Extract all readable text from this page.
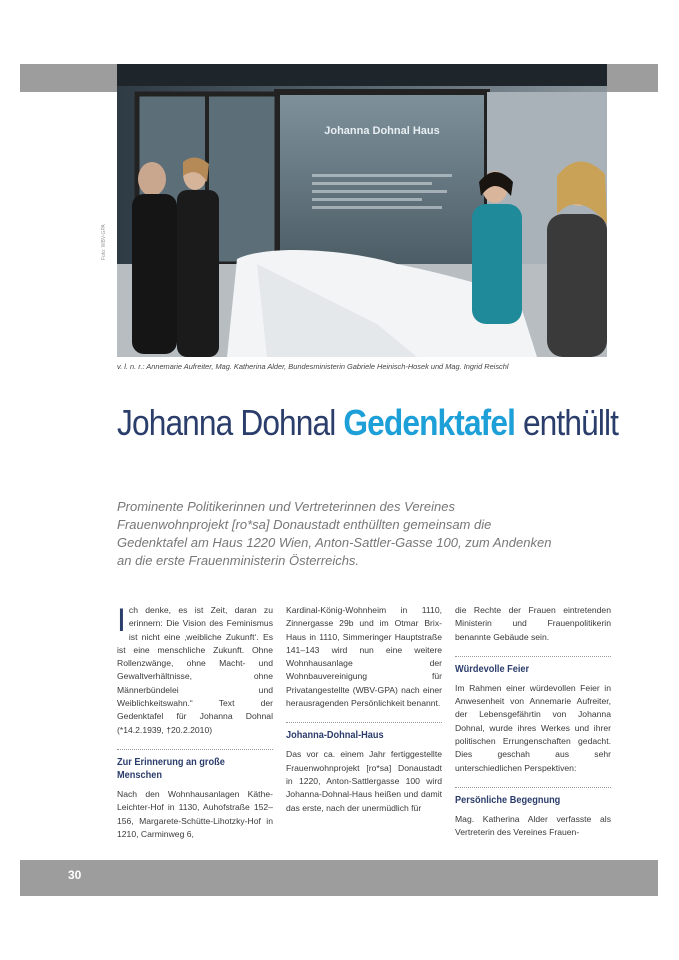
Johanna Dohnal Haus
Foto: WBV-GPA
v. l. n. r.: Annemarie Aufreiter, Mag. Katherina Alder, Bundesministerin Gabriele Heinisch-Hosek und Mag. Ingrid Reischl
Johanna Dohnal Gedenktafel enthüllt
Prominente Politikerinnen und Vertreterinnen des Vereines Frauenwohnprojekt [ro*sa] Donaustadt enthüllten gemeinsam die Gedenktafel am Haus 1220 Wien, Anton-Sattler-Gasse 100, zum Andenken an die erste Frauenministerin Österreichs.

Ich denke, es ist Zeit, daran zu erinnern: Die Vision des Feminismus ist nicht eine ‚weibliche Zukunft‘. Es ist eine menschliche Zukunft. Ohne Rollenzwänge, ohne Macht- und Gewaltverhältnisse, ohne Männerbündelei und Weiblichkeitswahn.“ Text der Gedenktafel für Johanna Dohnal (*14.2.1939, †20.2.2010)

Zur Erinnerung an große Menschen

Nach den Wohnhausanlagen Käthe-Leichter-Hof in 1130, Auhofstraße 152–156, Margarete-Schütte-Lihotzky-Hof in 1210, Carminweg 6,

Kardinal-König-Wohnheim in 1110, Zinnergasse 29b und im Otmar Brix-Haus in 1110, Simmeringer Hauptstraße 141–143 wird nun eine weitere Wohnhausanlage der Wohnbauvereinigung für Privatangestellte (WBV-GPA) nach einer herausragenden Persönlichkeit benannt.

Johanna-Dohnal-Haus

Das vor ca. einem Jahr fertiggestellte Frauenwohnprojekt [ro*sa] Donaustadt in 1220, Anton-Sattlergasse 100 wird Johanna-Dohnal-Haus heißen und damit das erste, nach der unermüdlich für

die Rechte der Frauen eintretenden Ministerin und Frauenpolitikerin benannte Gebäude sein.

Würdevolle Feier

Im Rahmen einer würdevollen Feier in Anwesenheit von Annemarie Aufreiter, der Lebensgefährtin von Johanna Dohnal, wurde ihres Werkes und ihrer politischen Errungenschaften gedacht. Dies geschah aus sehr unterschiedlichen Perspektiven:

Persönliche Begegnung

Mag. Katherina Alder verfasste als Vertreterin des Vereines Frauen-

30
